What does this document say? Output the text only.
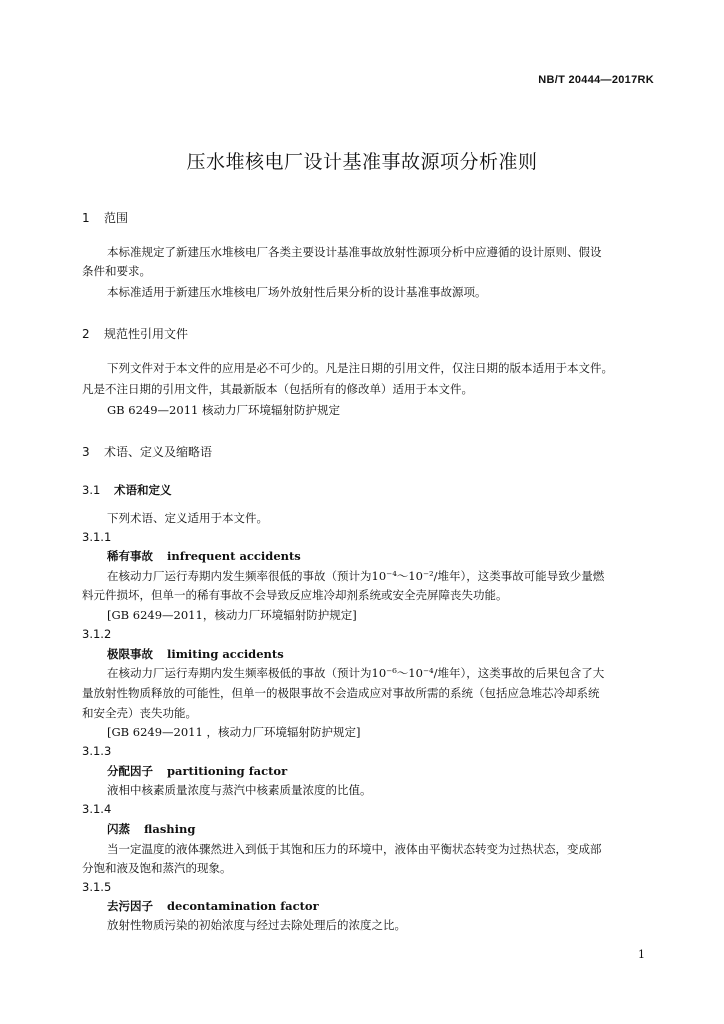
NB/T 20444—2017RK
压水堆核电厂设计基准事故源项分析准则
1 范围
本标准规定了新建压水堆核电厂各类主要设计基准事故放射性源项分析中应遵循的设计原则、假设
条件和要求。
本标准适用于新建压水堆核电厂场外放射性后果分析的设计基准事故源项。
2 规范性引用文件
下列文件对于本文件的应用是必不可少的。凡是注日期的引用文件，仅注日期的版本适用于本文件。
凡是不注日期的引用文件，其最新版本（包括所有的修改单）适用于本文件。
GB 6249—2011 核动力厂环境辐射防护规定
3 术语、定义及缩略语
3.1 术语和定义
下列术语、定义适用于本文件。
3.1.1
稀有事故 infrequent accidents
在核动力厂运行寿期内发生频率很低的事故（预计为10⁻⁴～10⁻²/堆年），这类事故可能导致少量燃
料元件损坏，但单一的稀有事故不会导致反应堆冷却剂系统或安全壳屏障丧失功能。
[GB 6249—2011，核动力厂环境辐射防护规定]
3.1.2
极限事故 limiting accidents
在核动力厂运行寿期内发生频率极低的事故（预计为10⁻⁶～10⁻⁴/堆年），这类事故的后果包含了大
量放射性物质释放的可能性，但单一的极限事故不会造成应对事故所需的系统（包括应急堆芯冷却系统
和安全壳）丧失功能。
[GB 6249—2011 ，核动力厂环境辐射防护规定]
3.1.3
分配因子 partitioning factor
液相中核素质量浓度与蒸汽中核素质量浓度的比值。
3.1.4
闪蒸 flashing
当一定温度的液体骤然进入到低于其饱和压力的环境中，液体由平衡状态转变为过热状态，变成部
分饱和液及饱和蒸汽的现象。
3.1.5
去污因子 decontamination factor
放射性物质污染的初始浓度与经过去除处理后的浓度之比。
1
